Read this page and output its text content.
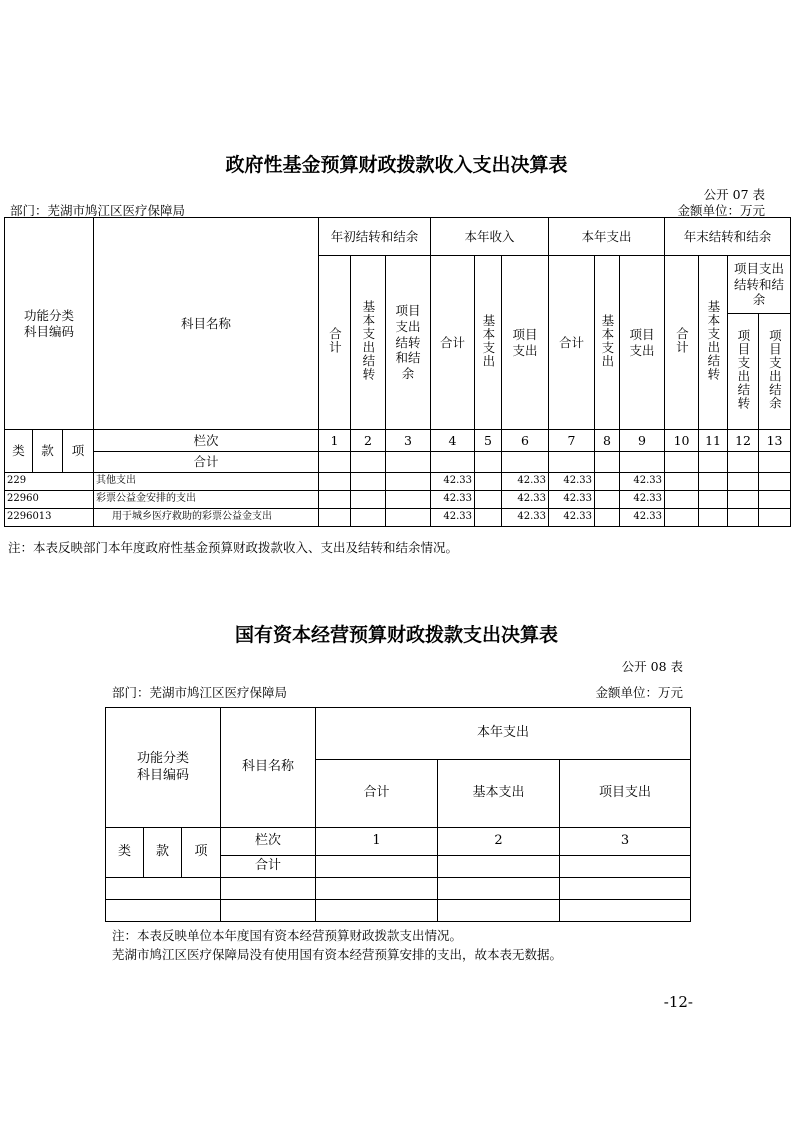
政府性基金预算财政拨款收入支出决算表
公开 07 表
部门：芜湖市鸠江区医疗保障局	金额单位：万元
功能分类科目编码			科目名称	年初结转和结余			本年收入			本年支出			年末结转和结余			
				合计	基本支出结转	项目支出结转和结余	合计	基本支出	项目支出	合计	基本支出	项目支出	合计	基本支出结转	项目支出结转和结余	
															项目支出结转	项目支出结余
类	款	项	栏次	1	2	3	4	5	6	7	8	9	10	11	12	13
			合计													
229			其他支出				42.33		42.33	42.33		42.33				
22960			彩票公益金安排的支出				42.33		42.33	42.33		42.33				
2296013			用于城乡医疗救助的彩票公益金支出				42.33		42.33	42.33		42.33				
注：本表反映部门本年度政府性基金预算财政拨款收入、支出及结转和结余情况。
国有资本经营预算财政拨款支出决算表
公开 08 表
部门：芜湖市鸠江区医疗保障局	金额单位：万元
功能分类科目编码			科目名称	本年支出		
				合计	基本支出	项目支出
类	款	项	栏次	1	2	3
			合计			

注：本表反映单位本年度国有资本经营预算财政拨款支出情况。
芜湖市鸠江区医疗保障局没有使用国有资本经营预算安排的支出，故本表无数据。
-12-
